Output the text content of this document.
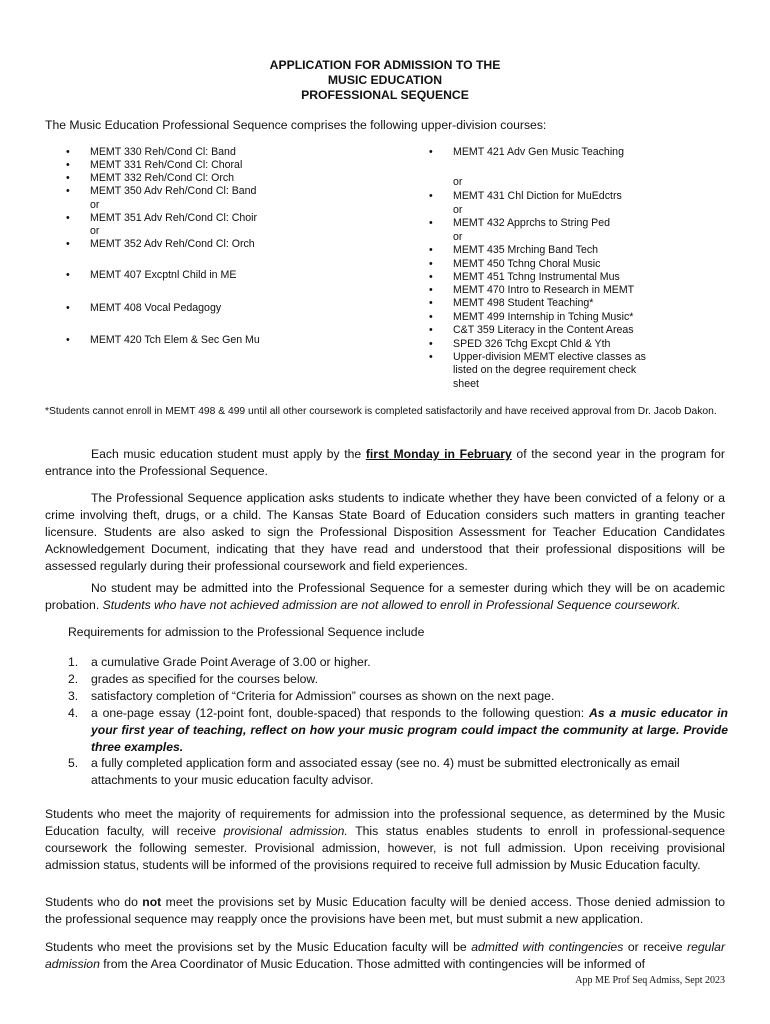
APPLICATION FOR ADMISSION TO THE
MUSIC EDUCATION
PROFESSIONAL SEQUENCE
The Music Education Professional Sequence comprises the following upper-division courses:
• MEMT 330 Reh/Cond Cl: Band
• MEMT 331 Reh/Cond Cl: Choral
• MEMT 332 Reh/Cond Cl: Orch
• MEMT 350 Adv Reh/Cond Cl: Band
or
• MEMT 351 Adv Reh/Cond Cl: Choir
or
• MEMT 352 Adv Reh/Cond Cl: Orch
• MEMT 407 Excptnl Child in ME
• MEMT 408 Vocal Pedagogy
• MEMT 420 Tch Elem & Sec Gen Mu
• MEMT 421 Adv Gen Music Teaching
or
• MEMT 431 Chl Diction for MuEdctrs
or
• MEMT 432 Apprchs to String Ped
or
• MEMT 435 Mrching Band Tech
• MEMT 450 Tchng Choral Music
• MEMT 451 Tchng Instrumental Mus
• MEMT 470 Intro to Research in MEMT
• MEMT 498 Student Teaching*
• MEMT 499 Internship in Tching Music*
• C&T 359 Literacy in the Content Areas
• SPED 326 Tchg Excpt Chld & Yth
• Upper-division MEMT elective classes as
listed on the degree requirement check
sheet
*Students cannot enroll in MEMT 498 & 499 until all other coursework is completed satisfactorily and have received approval from Dr. Jacob Dakon.
Each music education student must apply by the first Monday in February of the second year in the program for entrance into the Professional Sequence.
The Professional Sequence application asks students to indicate whether they have been convicted of a felony or a crime involving theft, drugs, or a child. The Kansas State Board of Education considers such matters in granting teacher licensure. Students are also asked to sign the Professional Disposition Assessment for Teacher Education Candidates Acknowledgement Document, indicating that they have read and understood that their professional dispositions will be assessed regularly during their professional coursework and field experiences.
No student may be admitted into the Professional Sequence for a semester during which they will be on academic probation. Students who have not achieved admission are not allowed to enroll in Professional Sequence coursework.
Requirements for admission to the Professional Sequence include
1. a cumulative Grade Point Average of 3.00 or higher.
2. grades as specified for the courses below.
3. satisfactory completion of “Criteria for Admission” courses as shown on the next page.
4. a one-page essay (12-point font, double-spaced) that responds to the following question: As a music educator in your first year of teaching, reflect on how your music program could impact the community at large. Provide three examples.
5. a fully completed application form and associated essay (see no. 4) must be submitted electronically as email attachments to your music education faculty advisor.
Students who meet the majority of requirements for admission into the professional sequence, as determined by the Music Education faculty, will receive provisional admission. This status enables students to enroll in professional-sequence coursework the following semester. Provisional admission, however, is not full admission. Upon receiving provisional admission status, students will be informed of the provisions required to receive full admission by Music Education faculty.
Students who do not meet the provisions set by Music Education faculty will be denied access. Those denied admission to the professional sequence may reapply once the provisions have been met, but must submit a new application.
Students who meet the provisions set by the Music Education faculty will be admitted with contingencies or receive regular admission from the Area Coordinator of Music Education. Those admitted with contingencies will be informed of
App ME Prof Seq Admiss, Sept 2023
